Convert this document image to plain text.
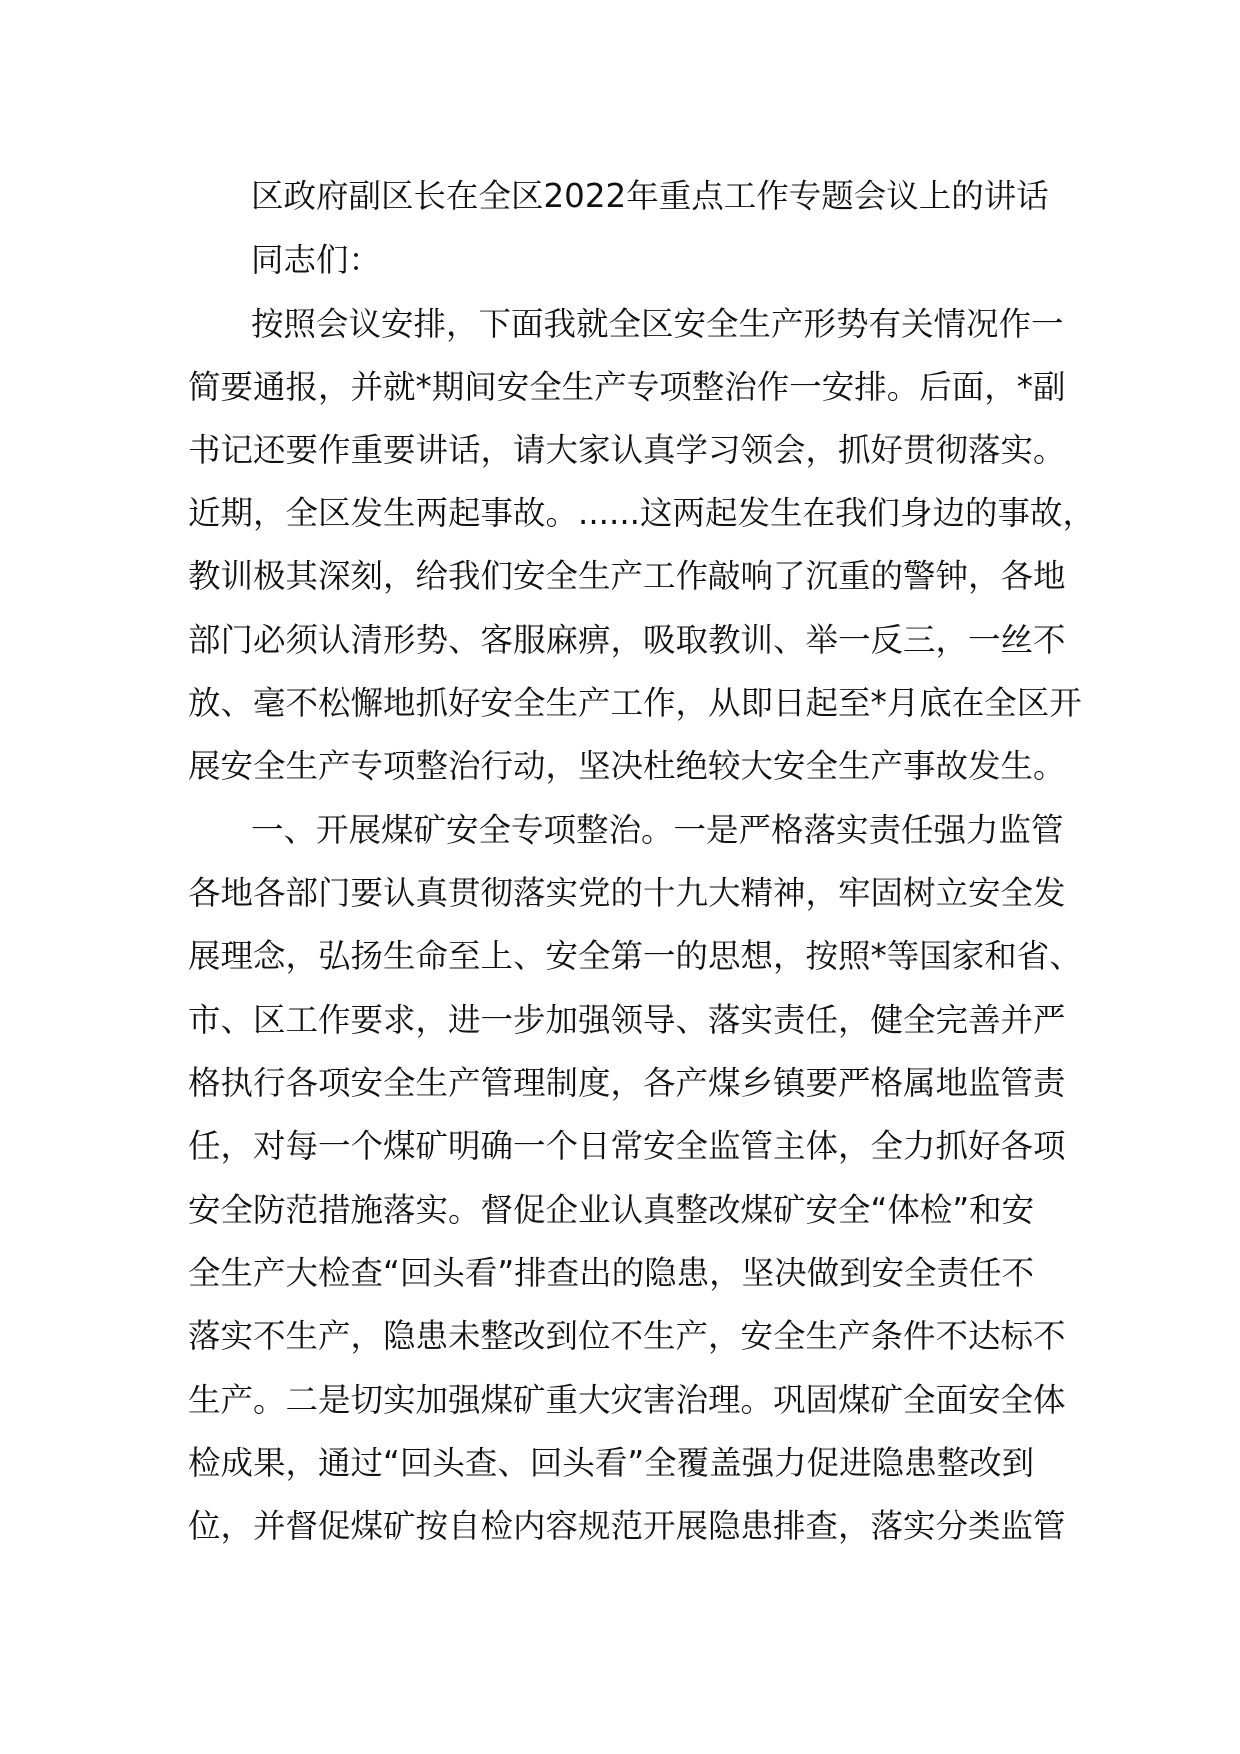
区政府副区长在全区2022年重点工作专题会议上的讲话
同志们：
按照会议安排，下面我就全区安全生产形势有关情况作一
简要通报，并就*期间安全生产专项整治作一安排。后面，*副
书记还要作重要讲话，请大家认真学习领会，抓好贯彻落实。
近期，全区发生两起事故。......这两起发生在我们身边的事故，
教训极其深刻，给我们安全生产工作敲响了沉重的警钟，各地
部门必须认清形势、客服麻痹，吸取教训、举一反三，一丝不
放、毫不松懈地抓好安全生产工作，从即日起至*月底在全区开
展安全生产专项整治行动，坚决杜绝较大安全生产事故发生。
一、开展煤矿安全专项整治。一是严格落实责任强力监管
各地各部门要认真贯彻落实党的十九大精神，牢固树立安全发
展理念，弘扬生命至上、安全第一的思想，按照*等国家和省、
市、区工作要求，进一步加强领导、落实责任，健全完善并严
格执行各项安全生产管理制度，各产煤乡镇要严格属地监管责
任，对每一个煤矿明确一个日常安全监管主体，全力抓好各项
安全防范措施落实。督促企业认真整改煤矿安全“体检”和安
全生产大检查“回头看”排查出的隐患，坚决做到安全责任不
落实不生产，隐患未整改到位不生产，安全生产条件不达标不
生产。二是切实加强煤矿重大灾害治理。巩固煤矿全面安全体
检成果，通过“回头查、回头看”全覆盖强力促进隐患整改到
位，并督促煤矿按自检内容规范开展隐患排查，落实分类监管
